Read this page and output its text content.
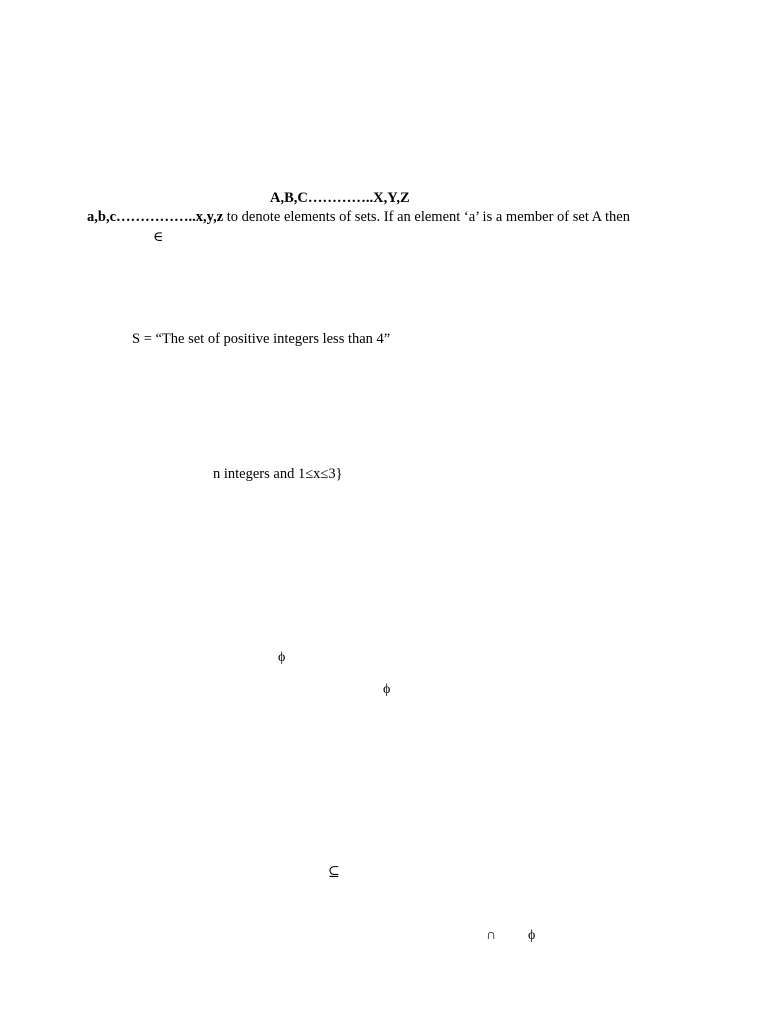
A,B,C…………..X,Y,Z
a,b,c……………..x,y,z to denote elements of sets. If an element ‘a’ is a member of set A then
∈
S = “The set of positive integers less than 4”
n integers and 1≤x≤3}
ϕ
ϕ
⊆
∩ ϕ
